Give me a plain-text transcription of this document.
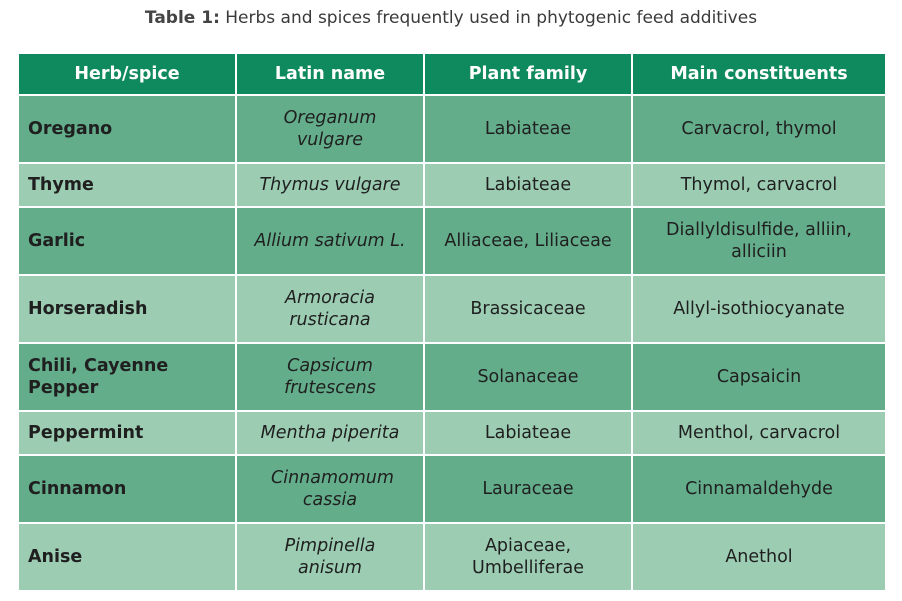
Table 1: Herbs and spices frequently used in phytogenic feed additives
Herb/spice	Latin name	Plant family	Main constituents
Oregano	Oreganum vulgare	Labiateae	Carvacrol, thymol
Thyme	Thymus vulgare	Labiateae	Thymol, carvacrol
Garlic	Allium sativum L.	Alliaceae, Liliaceae	Diallyldisulfide, alliin, alliciin
Horseradish	Armoracia rusticana	Brassicaceae	Allyl-isothiocyanate
Chili, Cayenne Pepper	Capsicum frutescens	Solanaceae	Capsaicin
Peppermint	Mentha piperita	Labiateae	Menthol, carvacrol
Cinnamon	Cinnamomum cassia	Lauraceae	Cinnamaldehyde
Anise	Pimpinella anisum	Apiaceae, Umbelliferae	Anethol
